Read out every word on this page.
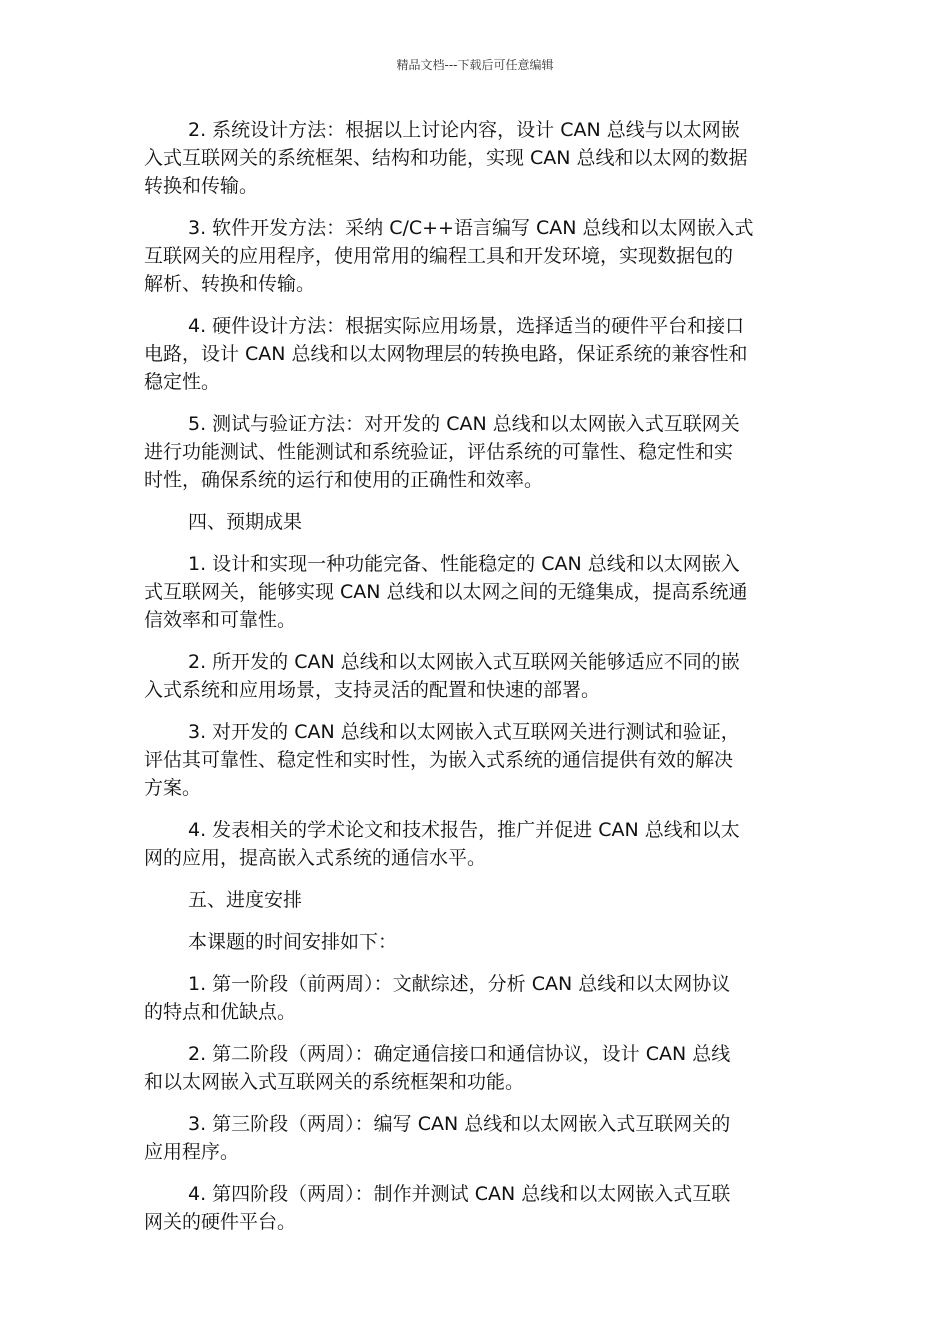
精品文档---下载后可任意编辑

2. 系统设计方法：根据以上讨论内容，设计 CAN 总线与以太网嵌
入式互联网关的系统框架、结构和功能，实现 CAN 总线和以太网的数据
转换和传输。

3. 软件开发方法：采纳 C/C++语言编写 CAN 总线和以太网嵌入式
互联网关的应用程序，使用常用的编程工具和开发环境，实现数据包的
解析、转换和传输。

4. 硬件设计方法：根据实际应用场景，选择适当的硬件平台和接口
电路，设计 CAN 总线和以太网物理层的转换电路，保证系统的兼容性和
稳定性。

5. 测试与验证方法：对开发的 CAN 总线和以太网嵌入式互联网关
进行功能测试、性能测试和系统验证，评估系统的可靠性、稳定性和实
时性，确保系统的运行和使用的正确性和效率。

四、预期成果

1. 设计和实现一种功能完备、性能稳定的 CAN 总线和以太网嵌入
式互联网关，能够实现 CAN 总线和以太网之间的无缝集成，提高系统通
信效率和可靠性。

2. 所开发的 CAN 总线和以太网嵌入式互联网关能够适应不同的嵌
入式系统和应用场景，支持灵活的配置和快速的部署。

3. 对开发的 CAN 总线和以太网嵌入式互联网关进行测试和验证，
评估其可靠性、稳定性和实时性，为嵌入式系统的通信提供有效的解决
方案。

4. 发表相关的学术论文和技术报告，推广并促进 CAN 总线和以太
网的应用，提高嵌入式系统的通信水平。

五、进度安排

本课题的时间安排如下：

1. 第一阶段（前两周）：文献综述，分析 CAN 总线和以太网协议
的特点和优缺点。

2. 第二阶段（两周）：确定通信接口和通信协议，设计 CAN 总线
和以太网嵌入式互联网关的系统框架和功能。

3. 第三阶段（两周）：编写 CAN 总线和以太网嵌入式互联网关的
应用程序。

4. 第四阶段（两周）：制作并测试 CAN 总线和以太网嵌入式互联
网关的硬件平台。
